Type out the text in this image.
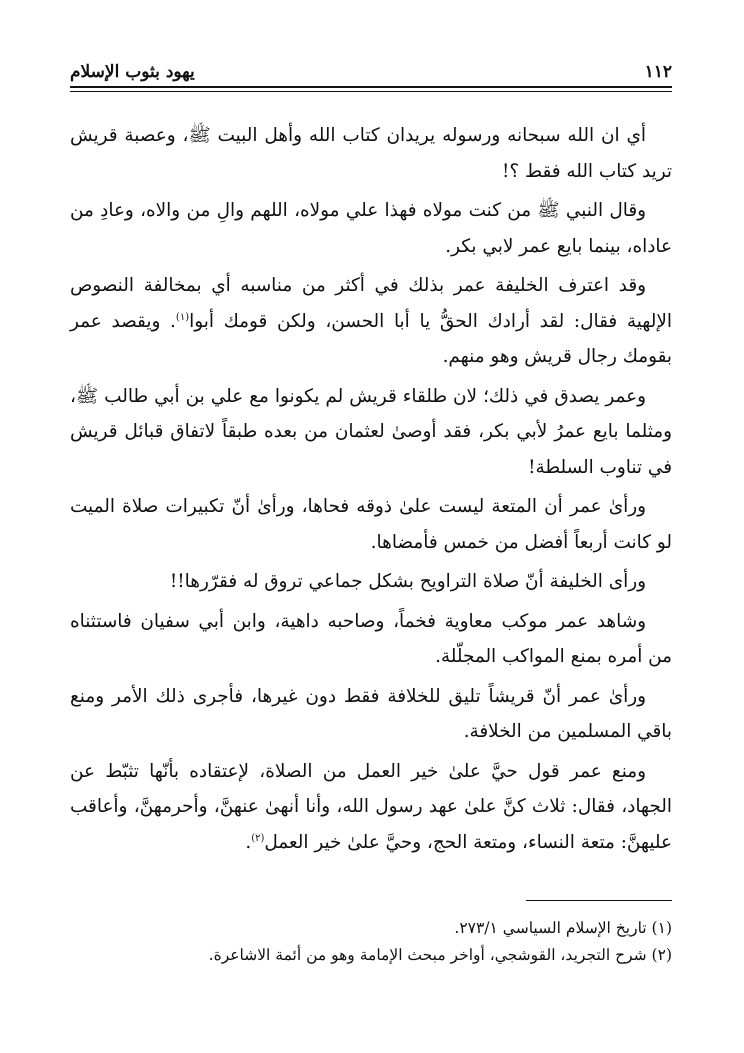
١١٢
يهود بثوب الإسلام

أي ان الله سبحانه ورسوله يريدان كتاب الله وأهل البيت ﷺ، وعصبة قريش تريد كتاب الله فقط ؟!

وقال النبي ﷺ من كنت مولاه فهذا علي مولاه، اللهم والِ من والاه، وعادِ من عاداه، بينما بايع عمر لابي بكر.

وقد اعترف الخليفة عمر بذلك في أكثر من مناسبه أي بمخالفة النصوص الإلهية فقال: لقد أرادك الحقُّ يا أبا الحسن، ولكن قومك أبوا$^{(١)}$. ويقصد عمر بقومك رجال قريش وهو منهم.

وعمر يصدق في ذلك؛ لان طلقاء قريش لم يكونوا مع علي بن أبي طالب ﷺ، ومثلما بايع عمرُ لأبي بكر، فقد أوصىٰ لعثمان من بعده طبقاً لاتفاق قبائل قريش في تناوب السلطة!

ورأىٰ عمر أن المتعة ليست علىٰ ذوقه فحاها، ورأىٰ أنّ تكبيرات صلاة الميت لو كانت أربعاً أفضل من خمس فأمضاها.

ورأى الخليفة أنّ صلاة التراويح بشكل جماعي تروق له فقرّرها!!

وشاهد عمر موكب معاوية فخماً، وصاحبه داهية، وابن أبي سفيان فاستثناه من أمره بمنع المواكب المجلّلة.

ورأىٰ عمر أنّ قريشاً تليق للخلافة فقط دون غيرها، فأجرى ذلك الأمر ومنع باقي المسلمين من الخلافة.

ومنع عمر قول حيَّ علىٰ خير العمل من الصلاة، لإعتقاده بأنّها تثبّط عن الجهاد، فقال: ثلاث كنَّ علىٰ عهد رسول الله، وأنا أنهىٰ عنهنَّ، وأحرمهنَّ، وأعاقب عليهنَّ: متعة النساء، ومتعة الحج، وحيَّ علىٰ خير العمل$^{(٢)}$.

(١) تاريخ الإسلام السياسي ٢٧٣/١.

(٢) شرح التجريد، القوشجي، أواخر مبحث الإمامة وهو من أئمة الاشاعرة.
